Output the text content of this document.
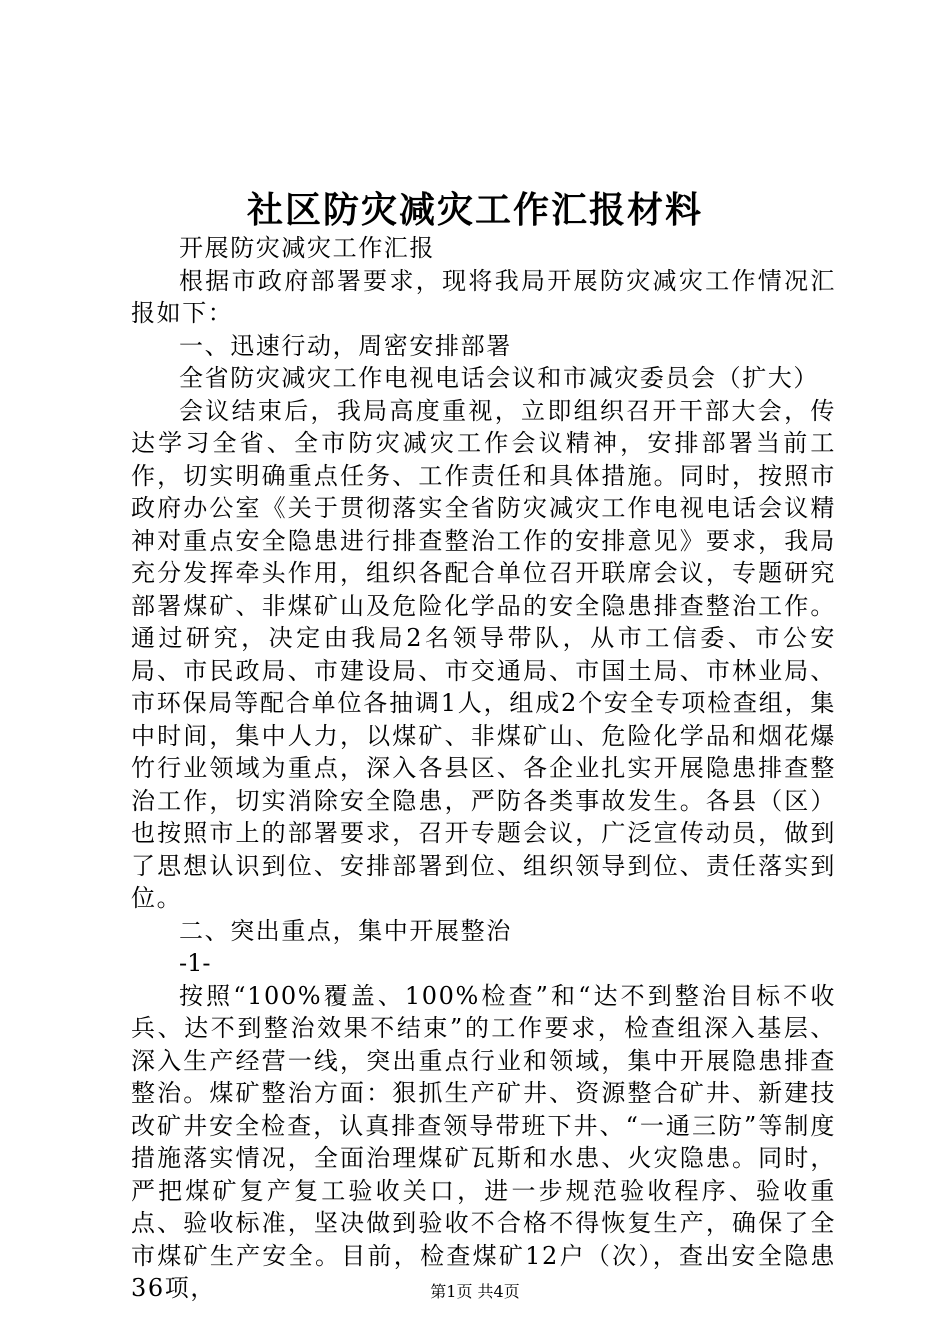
社区防灾减灾工作汇报材料

开展防灾减灾工作汇报

根据市政府部署要求，现将我局开展防灾减灾工作情况汇报如下：

一、迅速行动，周密安排部署

全省防灾减灾工作电视电话会议和市减灾委员会（扩大）

会议结束后，我局高度重视，立即组织召开干部大会，传达学习全省、全市防灾减灾工作会议精神，安排部署当前工作，切实明确重点任务、工作责任和具体措施。同时，按照市政府办公室《关于贯彻落实全省防灾减灾工作电视电话会议精神对重点安全隐患进行排查整治工作的安排意见》要求，我局充分发挥牵头作用，组织各配合单位召开联席会议，专题研究部署煤矿、非煤矿山及危险化学品的安全隐患排查整治工作。通过研究，决定由我局2名领导带队，从市工信委、市公安局、市民政局、市建设局、市交通局、市国土局、市林业局、市环保局等配合单位各抽调1人，组成2个安全专项检查组，集中时间，集中人力，以煤矿、非煤矿山、危险化学品和烟花爆竹行业领域为重点，深入各县区、各企业扎实开展隐患排查整治工作，切实消除安全隐患，严防各类事故发生。各县（区）也按照市上的部署要求，召开专题会议，广泛宣传动员，做到了思想认识到位、安排部署到位、组织领导到位、责任落实到位。

二、突出重点，集中开展整治

-1-

按照“100%覆盖、100%检查”和“达不到整治目标不收兵、达不到整治效果不结束”的工作要求，检查组深入基层、深入生产经营一线，突出重点行业和领域，集中开展隐患排查整治。煤矿整治方面：狠抓生产矿井、资源整合矿井、新建技改矿井安全检查，认真排查领导带班下井、“一通三防”等制度措施落实情况，全面治理煤矿瓦斯和水患、火灾隐患。同时，严把煤矿复产复工验收关口，进一步规范验收程序、验收重点、验收标准，坚决做到验收不合格不得恢复生产，确保了全市煤矿生产安全。目前，检查煤矿12户（次），查出安全隐患36项，	第1页 共4页
